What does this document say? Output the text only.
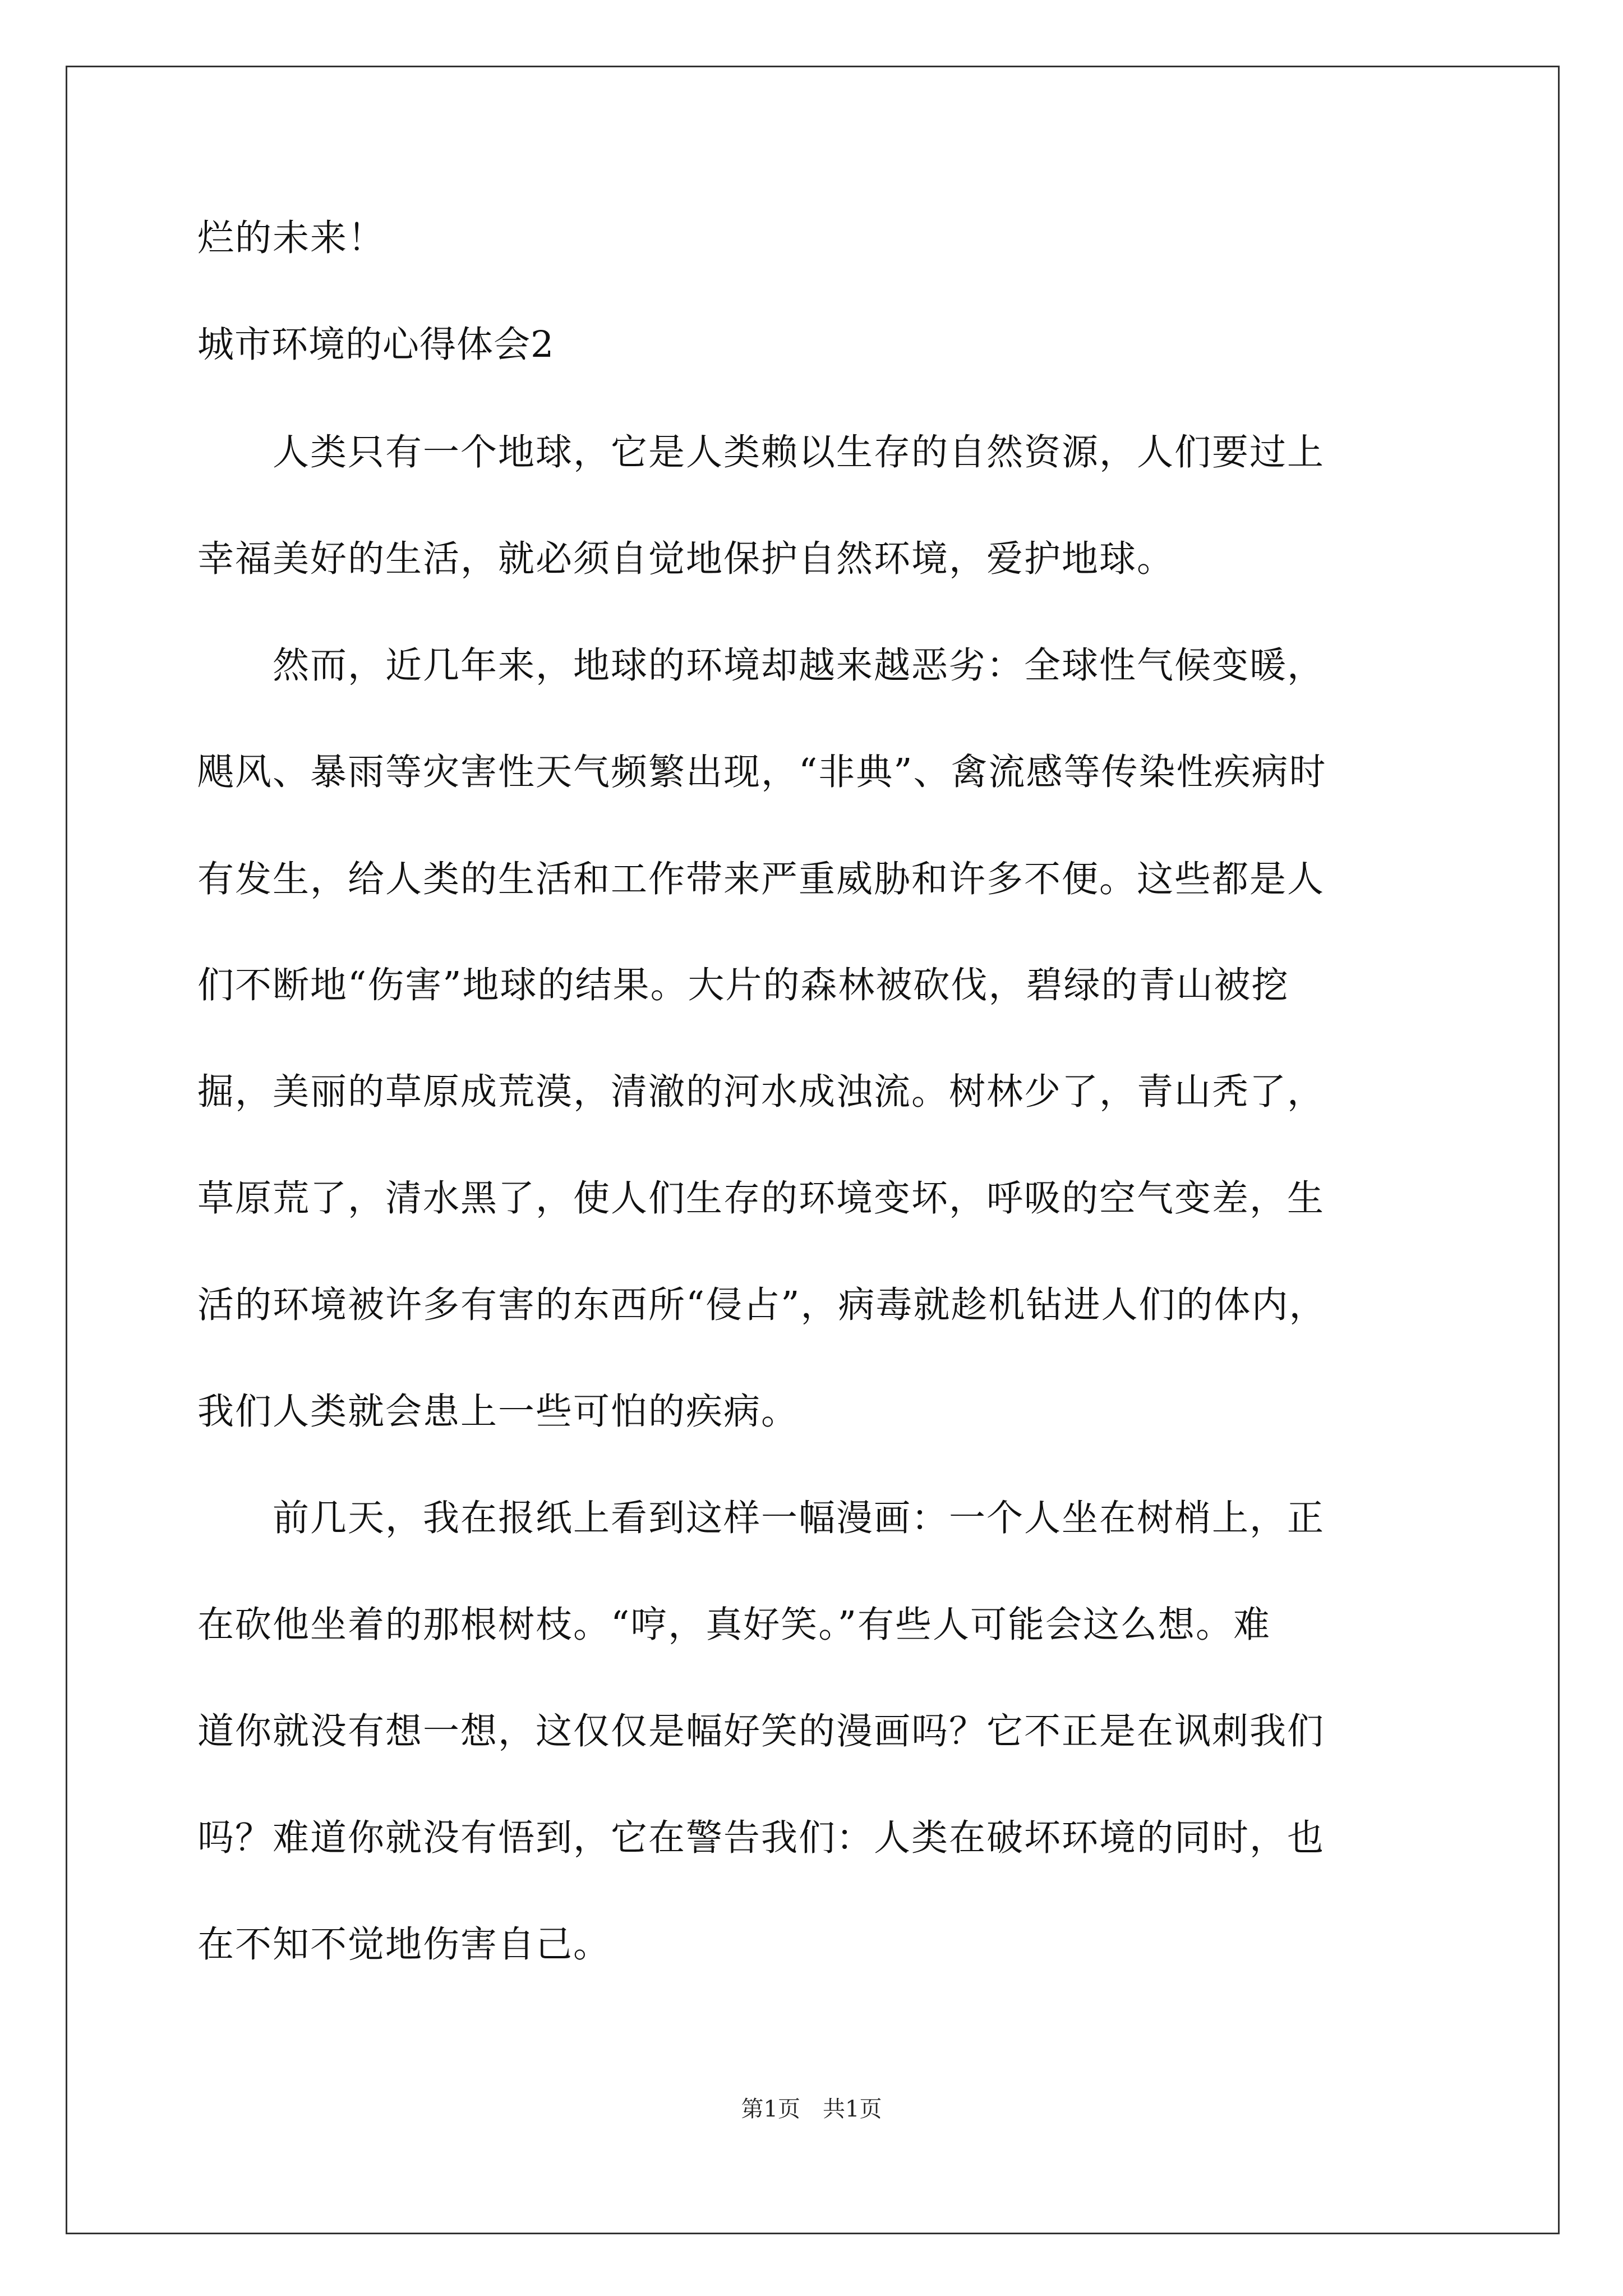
烂的未来！

城市环境的心得体会2

　　人类只有一个地球，它是人类赖以生存的自然资源，人们要过上

幸福美好的生活，就必须自觉地保护自然环境，爱护地球。

　　然而，近几年来，地球的环境却越来越恶劣：全球性气候变暖，

飓风、暴雨等灾害性天气频繁出现，“非典”、禽流感等传染性疾病时

有发生，给人类的生活和工作带来严重威胁和许多不便。这些都是人

们不断地“伤害”地球的结果。大片的森林被砍伐，碧绿的青山被挖

掘，美丽的草原成荒漠，清澈的河水成浊流。树林少了，青山秃了，

草原荒了，清水黑了，使人们生存的环境变坏，呼吸的空气变差，生

活的环境被许多有害的东西所“侵占”，病毒就趁机钻进人们的体内，

我们人类就会患上一些可怕的疾病。

　　前几天，我在报纸上看到这样一幅漫画：一个人坐在树梢上，正

在砍他坐着的那根树枝。“哼，真好笑。”有些人可能会这么想。难

道你就没有想一想，这仅仅是幅好笑的漫画吗？它不正是在讽刺我们

吗？难道你就没有悟到，它在警告我们：人类在破坏环境的同时，也

在不知不觉地伤害自己。

第1页　共1页
